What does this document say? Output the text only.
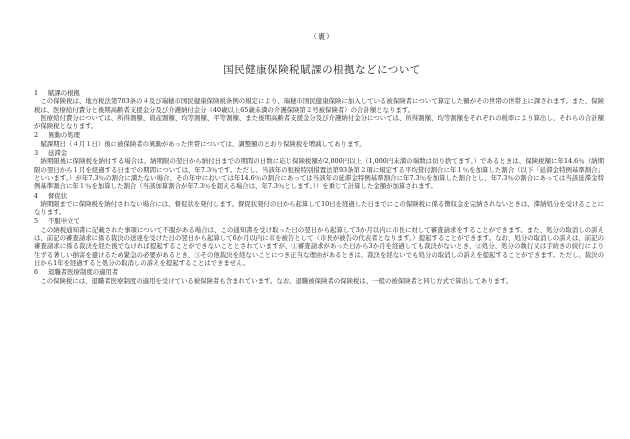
（裏）
国民健康保険税賦課の根拠などについて
1	賦課の根拠

この保険税は、地方税法第703条の４及び瑞穂市国民健康保険税条例の規定により、瑞穂市国民健康保険に加入している被保険者について算定した額がその世帯の世帯主に課されます。また、保険税は、医療給付費分と後期高齢者支援金分及び介護納付金分（40歳以上65歳未満の介護保険第２号被保険者）の合計額となります。

医療給付費分については、所得割額、資産割額、均等割額、平等割額、また後期高齢者支援金分及び介護納付金分については、所得割額、均等割額をそれぞれの税率により算出し、それらの合計額が保険税となります。

2	異動の処理

賦課期日（４月１日）後に被保険者の異動があった世帯については、調整額のとおり保険税を増減してあります。

3	延滞金

納期限後に保険税を納付する場合は、納期限の翌日から納付日までの期間の日数に応じ保険税額が2,000円以上（1,000円未満の端数は切り捨てます。）であるときは、保険税額に年14.6％（納期限の翌日から１月を経過する日までの期間については、年7.3％です。ただし、当該年の租税特別措置法第93条第２項に規定する平均貸付割合に年１％を加算した割合（以下「延滞金特例基準割合」といいます。）が年7.3％の割合に満たない場合、その年中においては年14.6％の割合にあっては当該年の延滞金特例基準割合に年7.3％を加算した割合とし、年7.3％の割合にあっては当該延滞金特例基準割合に年１％を加算した割合（当該加算割合が年7.3％を超える場合は、年7.3％とします。））を乗じて計算した金額が加算されます。

4	督促状

納期限までに保険税を納付されない場合には、督促状を発付します。督促状発付の日から起算して10日を経過した日までにこの保険税に係る徴収金を完納されないときは、滞納処分を受けることになります。

5	不服申立て

この納税通知書に記載された事項について不服がある場合は、この通知書を受け取った日の翌日から起算して3か月以内に市長に対して審査請求をすることができます。また、処分の取消しの訴えは、前記の審査請求に係る裁決の送達を受けた日の翌日から起算して6か月以内に市を被告として（市長が被告の代表者となります。）提起することができます。なお、処分の取消しの訴えは、前記の審査請求に係る裁決を経た後でなければ提起することができないこととされていますが、①審査請求があった日から3か月を経過しても裁決がないとき、②処分、処分の執行又は手続きの続行により生ずる著しい損害を避けるため緊急の必要があるとき、③その他裁決を経ないことにつき正当な理由があるときは、裁決を経ないでも処分の取消しの訴えを提起することができます。ただし、裁決の日から1年を経過すると処分の取消しの訴えを提起することはできません。

6	退職者医療制度の適用者

この保険税には、退職者医療制度の適用を受けている被保険者も含まれています。なお、退職被保険者の保険税は、一般の被保険者と同じ方式で算出してあります。
